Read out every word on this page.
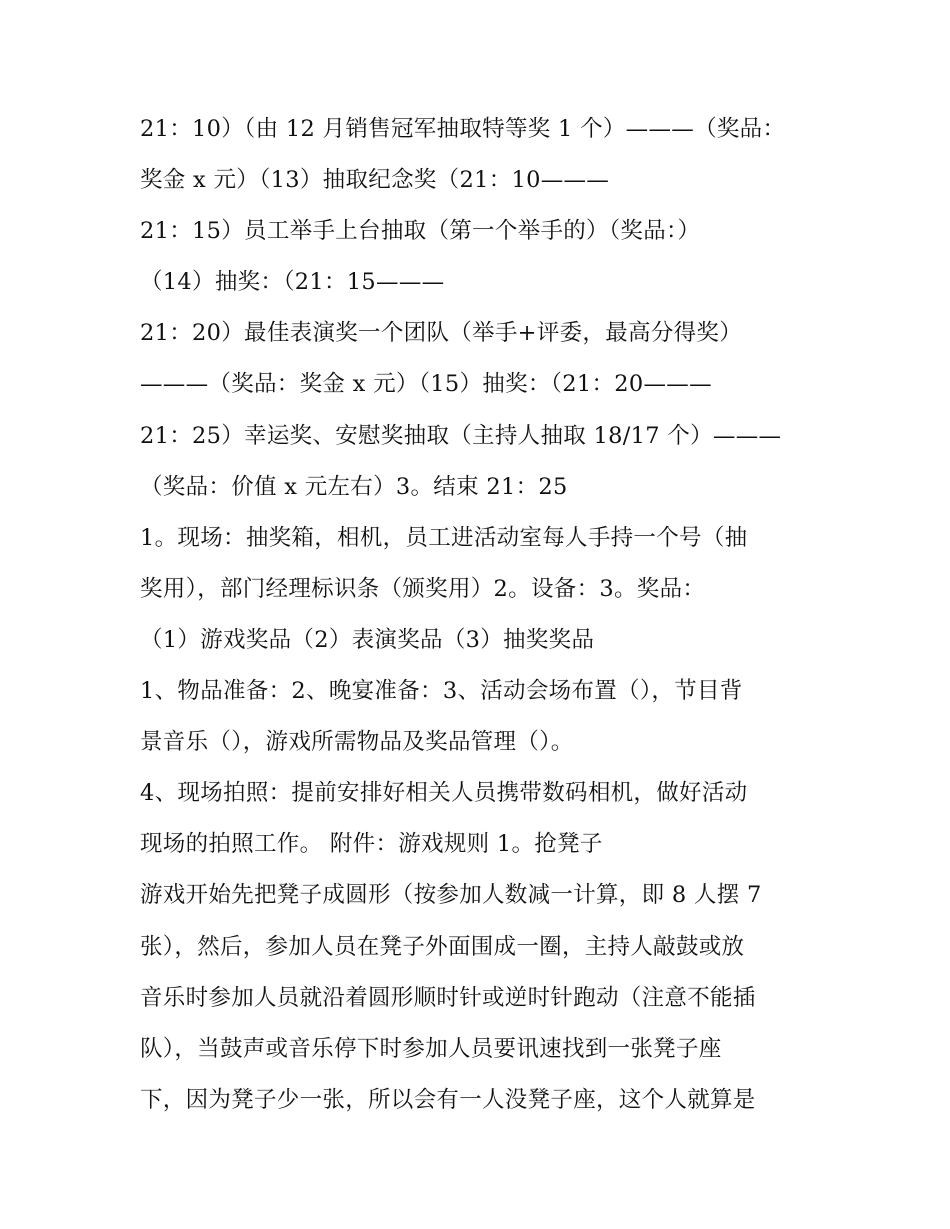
21：10）（由 12 月销售冠军抽取特等奖 1 个）———（奖品：
奖金 x 元）（13）抽取纪念奖（21：10———
21：15）员工举手上台抽取（第一个举手的）（奖品：）
（14）抽奖：（21：15———
21：20）最佳表演奖一个团队（举手+评委，最高分得奖）
———（奖品：奖金 x 元）（15）抽奖：（21：20———
21：25）幸运奖、安慰奖抽取（主持人抽取 18/17 个）———
（奖品：价值 x 元左右）3。结束 21：25
1。现场：抽奖箱，相机，员工进活动室每人手持一个号（抽
奖用），部门经理标识条（颁奖用）2。设备：3。奖品：
（1）游戏奖品（2）表演奖品（3）抽奖奖品
1、物品准备：2、晚宴准备：3、活动会场布置（），节目背
景音乐（），游戏所需物品及奖品管理（）。
4、现场拍照：提前安排好相关人员携带数码相机，做好活动
现场的拍照工作。 附件：游戏规则 1。抢凳子
游戏开始先把凳子成圆形（按参加人数减一计算，即 8 人摆 7
张），然后，参加人员在凳子外面围成一圈，主持人敲鼓或放
音乐时参加人员就沿着圆形顺时针或逆时针跑动（注意不能插
队），当鼓声或音乐停下时参加人员要讯速找到一张凳子座
下，因为凳子少一张，所以会有一人没凳子座，这个人就算是
